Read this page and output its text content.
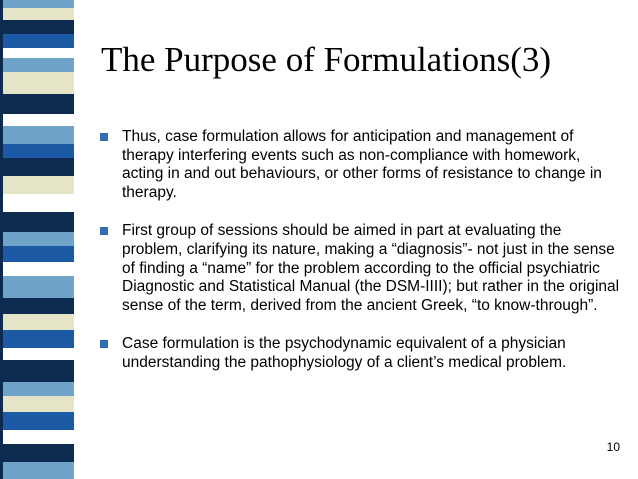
The Purpose of Formulations(3)
Thus, case formulation allows for anticipation and management of therapy interfering events such as non-compliance with homework, acting in and out behaviours, or other forms of resistance to change in therapy.
First group of sessions should be aimed in part at evaluating the problem, clarifying its nature, making a “diagnosis”- not just in the sense of finding a “name” for the problem according to the official psychiatric Diagnostic and Statistical Manual (the DSM-IIII); but rather in the original sense of the term, derived from the ancient Greek, “to know-through”.
Case formulation is the psychodynamic equivalent of a physician understanding the pathophysiology of a client’s medical problem.
10
